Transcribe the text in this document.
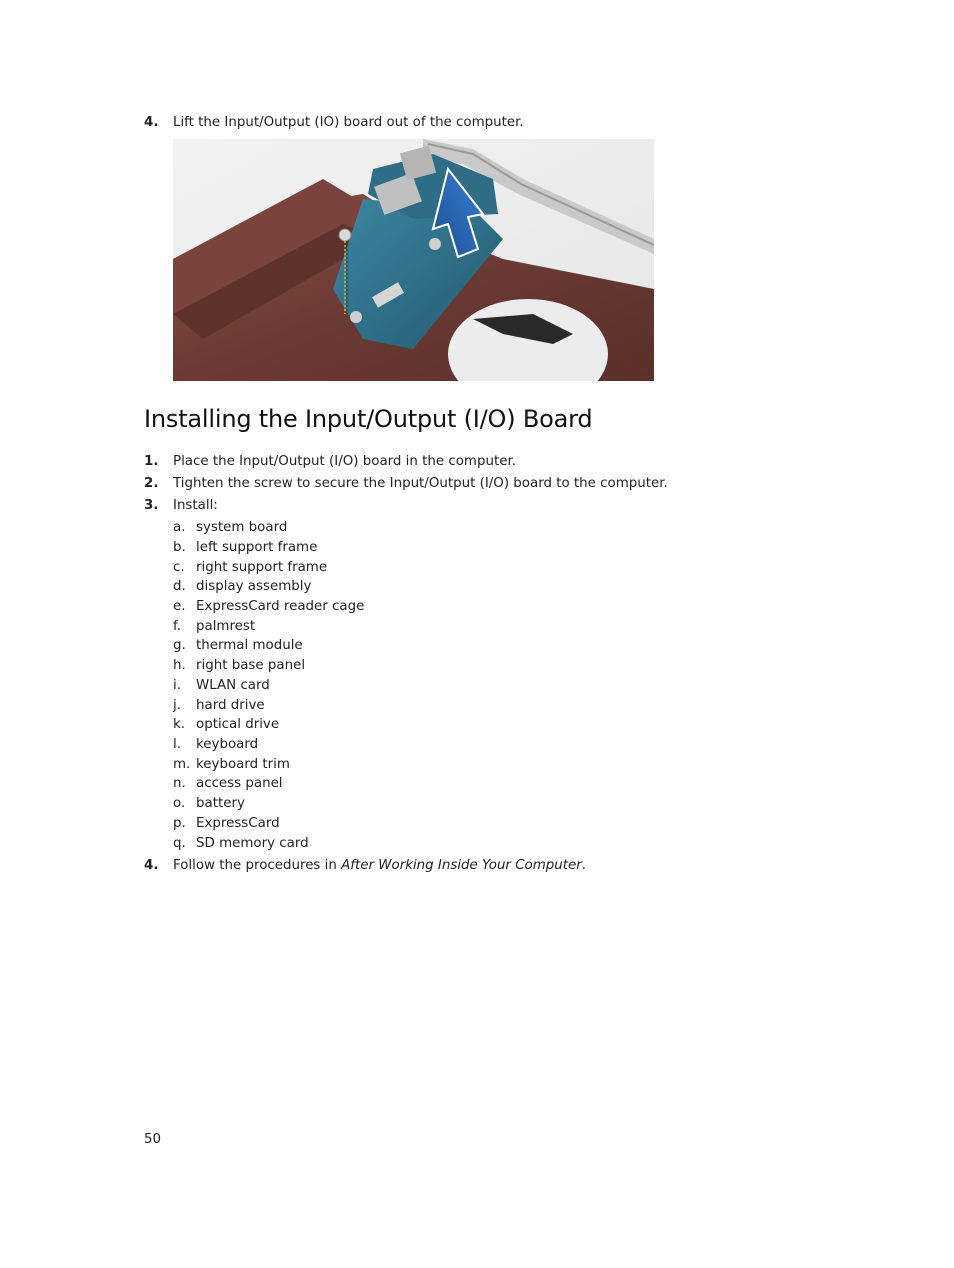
4. Lift the Input/Output (IO) board out of the computer.
Installing the Input/Output (I/O) Board
1. Place the Input/Output (I/O) board in the computer.
2. Tighten the screw to secure the Input/Output (I/O) board to the computer.
3. Install:
a. system board
b. left support frame
c. right support frame
d. display assembly
e. ExpressCard reader cage
f. palmrest
g. thermal module
h. right base panel
i. WLAN card
j. hard drive
k. optical drive
l. keyboard
m. keyboard trim
n. access panel
o. battery
p. ExpressCard
q. SD memory card
4. Follow the procedures in After Working Inside Your Computer.
50
